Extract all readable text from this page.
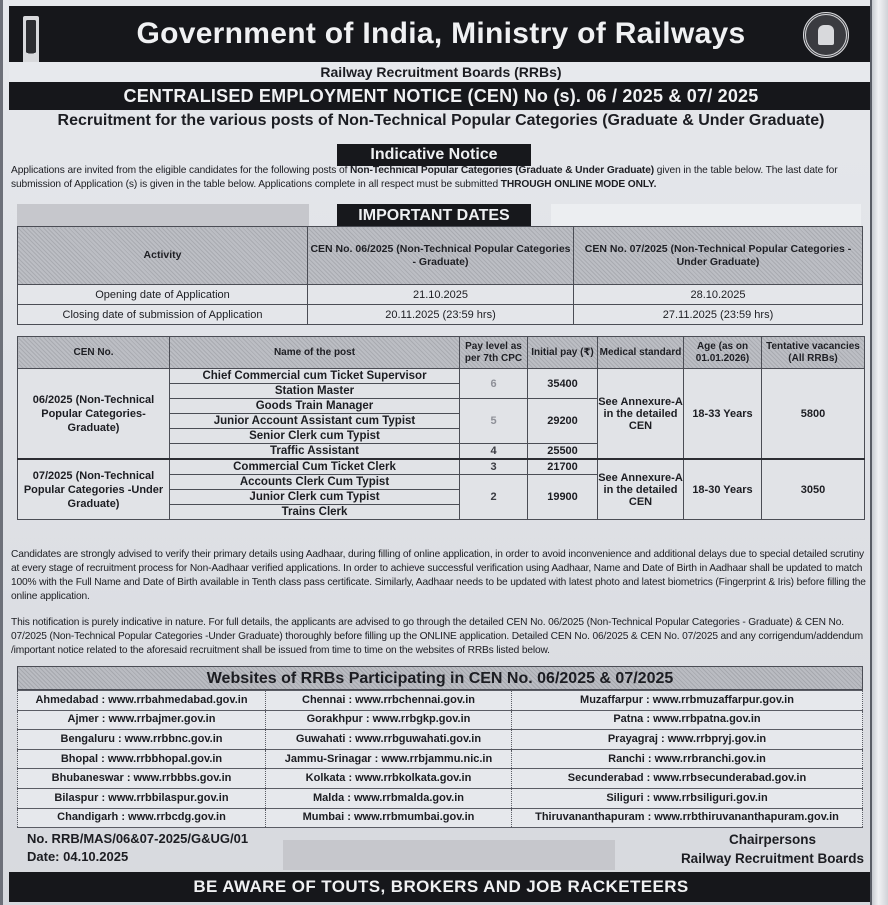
Government of India, Ministry of Railways
Railway Recruitment Boards (RRBs)
CENTRALISED EMPLOYMENT NOTICE (CEN) No (s). 06 / 2025 & 07/ 2025
Recruitment for the various posts of Non-Technical Popular Categories (Graduate & Under Graduate)
Indicative Notice
Applications are invited from the eligible candidates for the following posts of Non-Technical Popular Categories (Graduate & Under Graduate) given in the table below. The last date for submission of Application (s) is given in the table below. Applications complete in all respect must be submitted THROUGH ONLINE MODE ONLY.
IMPORTANT DATES
Activity	CEN No. 06/2025 (Non-Technical Popular Categories - Graduate)	CEN No. 07/2025 (Non-Technical Popular Categories - Under Graduate)
Opening date of Application	21.10.2025	28.10.2025
Closing date of submission of Application	20.11.2025 (23:59 hrs)	27.11.2025 (23:59 hrs)
CEN No.	Name of the post	Pay level as per 7th CPC	Initial pay (₹)	Medical standard	Age (as on 01.01.2026)	Tentative vacancies (All RRBs)
06/2025 (Non-Technical Popular Categories- Graduate)	Chief Commercial cum Ticket Supervisor	6	35400	See Annexure-A in the detailed CEN	18-33 Years	5800
	Station Master					
	Goods Train Manager	5	29200			
	Junior Account Assistant cum Typist					
	Senior Clerk cum Typist					
	Traffic Assistant	4	25500			
07/2025 (Non-Technical Popular Categories -Under Graduate)	Commercial Cum Ticket Clerk	3	21700	See Annexure-A in the detailed CEN	18-30 Years	3050
	Accounts Clerk Cum Typist	2	19900			
	Junior Clerk cum Typist					
	Trains Clerk					

Candidates are strongly advised to verify their primary details using Aadhaar, during filling of online application, in order to avoid inconvenience and additional delays due to special detailed scrutiny at every stage of recruitment process for Non-Aadhaar verified applications. In order to achieve successful verification using Aadhaar, Name and Date of Birth in Aadhaar shall be updated to match 100% with the Full Name and Date of Birth available in Tenth class pass certificate. Similarly, Aadhaar needs to be updated with latest photo and latest biometrics (Fingerprint & Iris) before filling the online application.

This notification is purely indicative in nature. For full details, the applicants are advised to go through the detailed CEN No. 06/2025 (Non-Technical Popular Categories - Graduate) & CEN No. 07/2025 (Non-Technical Popular Categories -Under Graduate) thoroughly before filling up the ONLINE application. Detailed CEN No. 06/2025 & CEN No. 07/2025 and any corrigendum/addendum /important notice related to the aforesaid recruitment shall be issued from time to time on the websites of RRBs listed below.

Websites of RRBs Participating in CEN No. 06/2025 & 07/2025
Ahmedabad : www.rrbahmedabad.gov.in	Chennai : www.rrbchennai.gov.in	Muzaffarpur : www.rrbmuzaffarpur.gov.in
Ajmer : www.rrbajmer.gov.in	Gorakhpur : www.rrbgkp.gov.in	Patna : www.rrbpatna.gov.in
Bengaluru : www.rrbbnc.gov.in	Guwahati : www.rrbguwahati.gov.in	Prayagraj : www.rrbpryj.gov.in
Bhopal : www.rrbbhopal.gov.in	Jammu-Srinagar : www.rrbjammu.nic.in	Ranchi : www.rrbranchi.gov.in
Bhubaneswar : www.rrbbbs.gov.in	Kolkata : www.rrbkolkata.gov.in	Secunderabad : www.rrbsecunderabad.gov.in
Bilaspur : www.rrbbilaspur.gov.in	Malda : www.rrbmalda.gov.in	Siliguri : www.rrbsiliguri.gov.in
Chandigarh : www.rrbcdg.gov.in	Mumbai : www.rrbmumbai.gov.in	Thiruvananthapuram : www.rrbthiruvananthapuram.gov.in
No. RRB/MAS/06&07-2025/G&UG/01
Date: 04.10.2025
Chairpersons
Railway Recruitment Boards
BE AWARE OF TOUTS, BROKERS AND JOB RACKETEERS
